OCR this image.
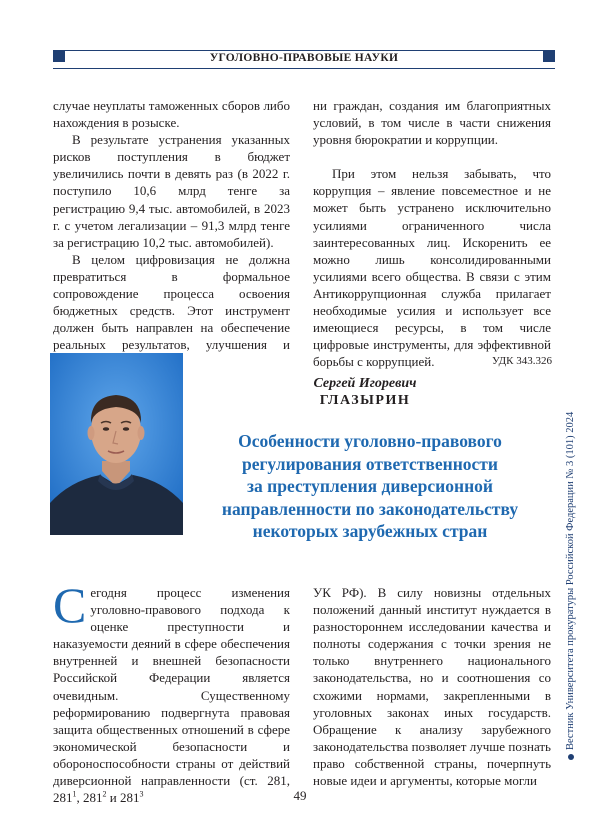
УГОЛОВНО-ПРАВОВЫЕ НАУКИ

случае неуплаты таможенных сборов либо нахождения в розыске.

В результате устранения указанных рисков поступления в бюджет увеличились почти в девять раз (в 2022 г. поступило 10,6 млрд тенге за регистрацию 9,4 тыс. автомобилей, в 2023 г. с учетом легализации – 91,3 млрд тенге за регистрацию 10,2 тыс. автомобилей).

В целом цифровизация не должна превратиться в формальное сопровождение процесса освоения бюджетных средств. Этот инструмент должен быть направлен на обеспечение реальных результатов, улучшения и

ни граждан, создания им благоприятных условий, в том числе в части снижения уровня бюрократии и коррупции.

При этом нельзя забывать, что коррупция – явление повсеместное и не может быть устранено исключительно усилиями ограниченного числа заинтересованных лиц. Искоренить ее можно лишь консолидированными усилиями всего общества. В связи с этим Антикоррупционная служба прилагает необходимые усилия и использует все имеющиеся ресурсы, в том числе цифровые инструменты, для эффективной борьбы с коррупцией.	УДК 343.326
Сергей Игоревич
ГЛАЗЫРИН
Особенности уголовно-правового
регулирования ответственности
за преступления диверсионной
направленности по законодательству
некоторых зарубежных стран

Сегодня процесс изменения уголовно-правового подхода к оценке преступности и наказуемости деяний в сфере обеспечения внутренней и внешней безопасности Российской Федерации является очевидным. Существенному реформированию подвергнута правовая защита общественных отношений в сфере экономической безопасности и обороноспособности страны от действий диверсионной направленности (ст. 281, $281^1$, $281^2$ и $281^3$

УК РФ). В силу новизны отдельных положений данный институт нуждается в разностороннем исследовании качества и полноты содержания с точки зрения не только внутреннего национального законодательства, но и соотношения со схожими нормами, закрепленными в уголовных законах иных государств. Обращение к анализу зарубежного законодательства позволяет лучше познать право собственной страны, почерпнуть новые идеи и аргументы, которые могли

Вестник Университета прокуратуры Российской Федерации № 3 (101) 2024
49
